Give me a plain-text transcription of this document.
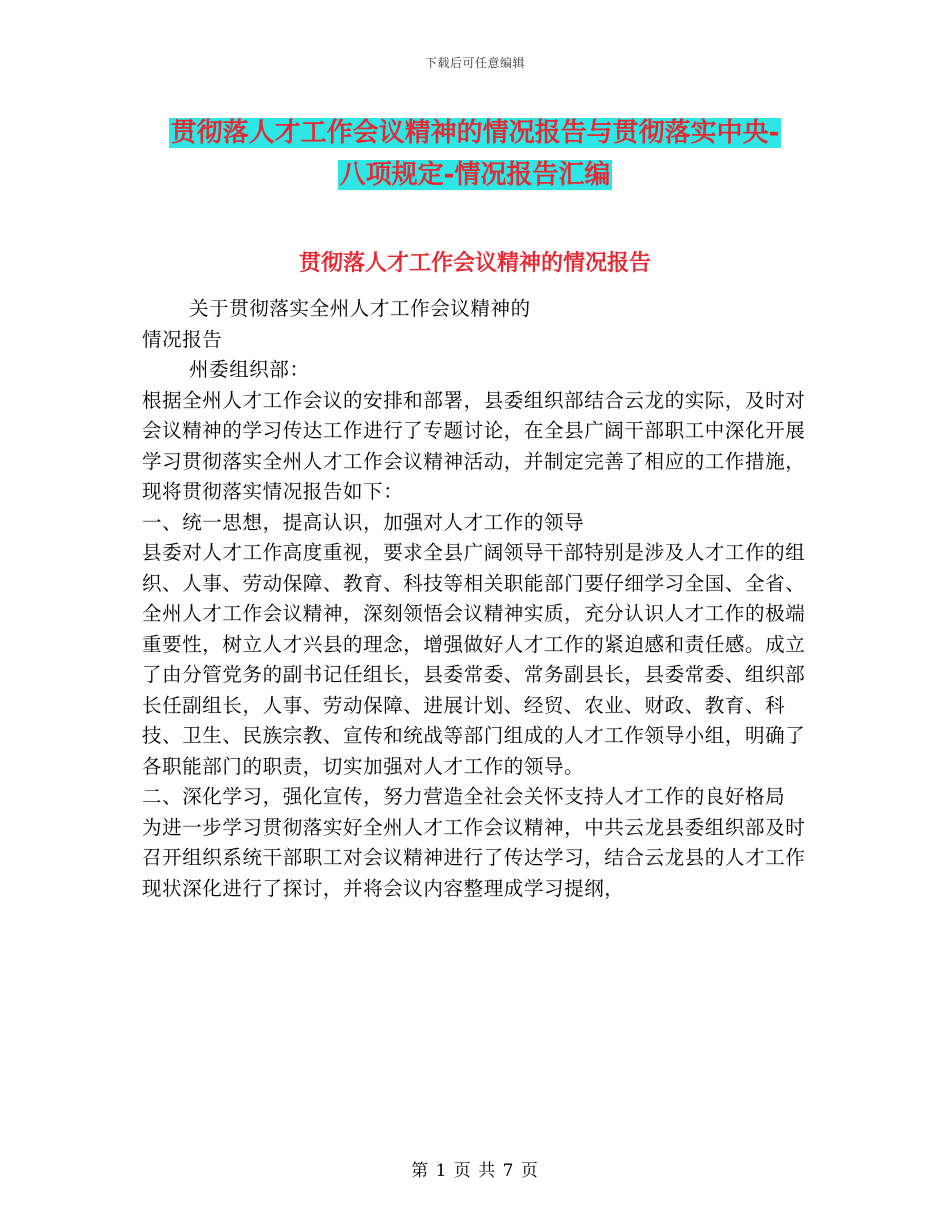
下载后可任意编辑
贯彻落人才工作会议精神的情况报告与贯彻落实中央-
八项规定-情况报告汇编
贯彻落人才工作会议精神的情况报告

关于贯彻落实全州人才工作会议精神的

情况报告

州委组织部：

根据全州人才工作会议的安排和部署，县委组织部结合云龙的实际，及时对会议精神的学习传达工作进行了专题讨论，在全县广阔干部职工中深化开展学习贯彻落实全州人才工作会议精神活动，并制定完善了相应的工作措施，现将贯彻落实情况报告如下：

一、统一思想，提高认识，加强对人才工作的领导

县委对人才工作高度重视，要求全县广阔领导干部特别是涉及人才工作的组织、人事、劳动保障、教育、科技等相关职能部门要仔细学习全国、全省、全州人才工作会议精神，深刻领悟会议精神实质，充分认识人才工作的极端重要性，树立人才兴县的理念，增强做好人才工作的紧迫感和责任感。成立了由分管党务的副书记任组长，县委常委、常务副县长，县委常委、组织部长任副组长，人事、劳动保障、进展计划、经贸、农业、财政、教育、科技、卫生、民族宗教、宣传和统战等部门组成的人才工作领导小组，明确了各职能部门的职责，切实加强对人才工作的领导。

二、深化学习，强化宣传，努力营造全社会关怀支持人才工作的良好格局

为进一步学习贯彻落实好全州人才工作会议精神，中共云龙县委组织部及时召开组织系统干部职工对会议精神进行了传达学习，结合云龙县的人才工作现状深化进行了探讨，并将会议内容整理成学习提纲，

第 1 页 共 7 页
